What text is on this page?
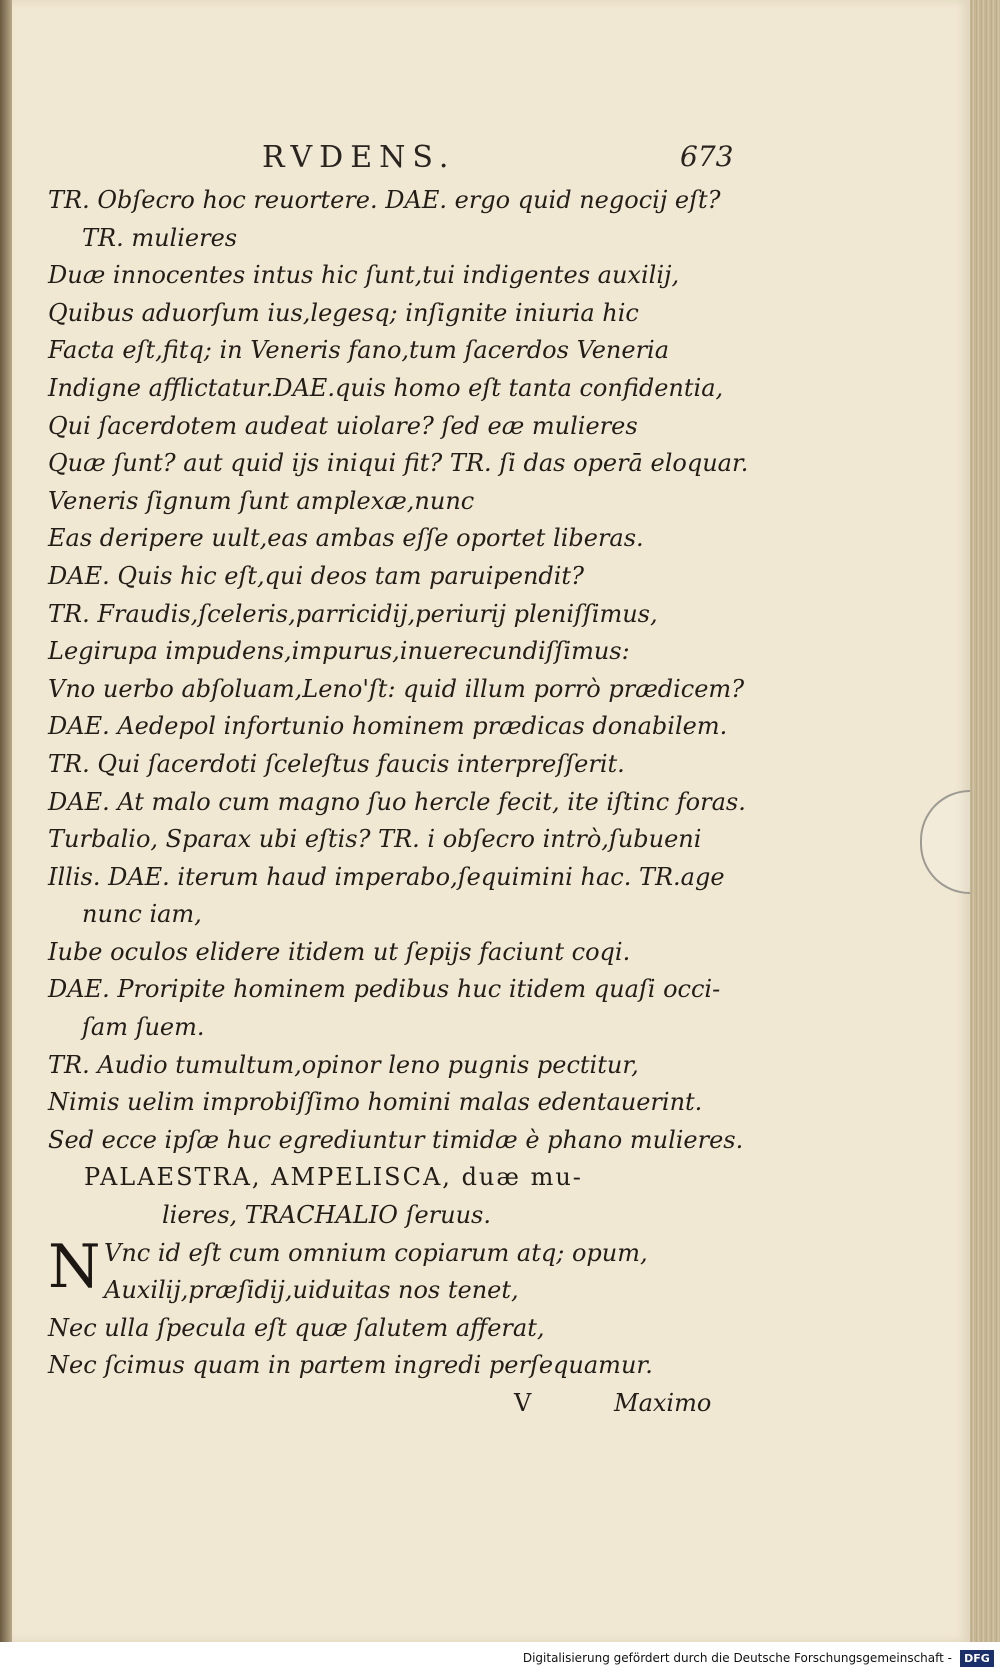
RVDENS.	673
TR. Obſecro hoc reuortere. DAE. ergo quid negocij eſt?
TR. mulieres
Duæ innocentes intus hic ſunt,tui indigentes auxilij,
Quibus aduorſum ius,legesq; inſignite iniuria hic
Facta eſt,fitq; in Veneris fano,tum ſacerdos Veneria
Indigne afflictatur.DAE.quis homo eſt tanta confidentia,
Qui ſacerdotem audeat uiolare? ſed eæ mulieres
Quæ ſunt? aut quid ijs iniqui fit? TR. ſi das operā eloquar.
Veneris ſignum ſunt amplexæ,nunc
Eas deripere uult,eas ambas eſſe oportet liberas.
DAE. Quis hic eſt,qui deos tam paruipendit?
TR. Fraudis,ſceleris,parricidij,periurij pleniſſimus,
Legirupa impudens,impurus,inuerecundiſſimus:
Vno uerbo abſoluam,Leno'ſt: quid illum porrò prædicem?
DAE. Aedepol infortunio hominem prædicas donabilem.
TR. Qui ſacerdoti ſceleſtus faucis interpreſſerit.
DAE. At malo cum magno ſuo hercle fecit, ite iſtinc foras.
Turbalio, Sparax ubi eſtis? TR. i obſecro intrò,ſubueni
Illis. DAE. iterum haud imperabo,ſequimini hac. TR.age
nunc iam,
Iube oculos elidere itidem ut ſepijs faciunt coqi.
DAE. Proripite hominem pedibus huc itidem quaſi occi-
ſam ſuem.
TR. Audio tumultum,opinor leno pugnis pectitur,
Nimis uelim improbiſſimo homini malas edentauerint.
Sed ecce ipſæ huc egrediuntur timidæ è phano mulieres.
PALAESTRA, AMPELISCA, duæ mu-
lieres, TRACHALIO ſeruus.
N Vnc id eſt cum omnium copiarum atq; opum,
Auxilij,præſidij,uiduitas nos tenet,
Nec ulla ſpecula eſt quæ ſalutem afferat,
Nec ſcimus quam in partem ingredi perſequamur.
V	Maximo
Digitalisierung gefördert durch die Deutsche Forschungsgemeinschaft -	DFG
